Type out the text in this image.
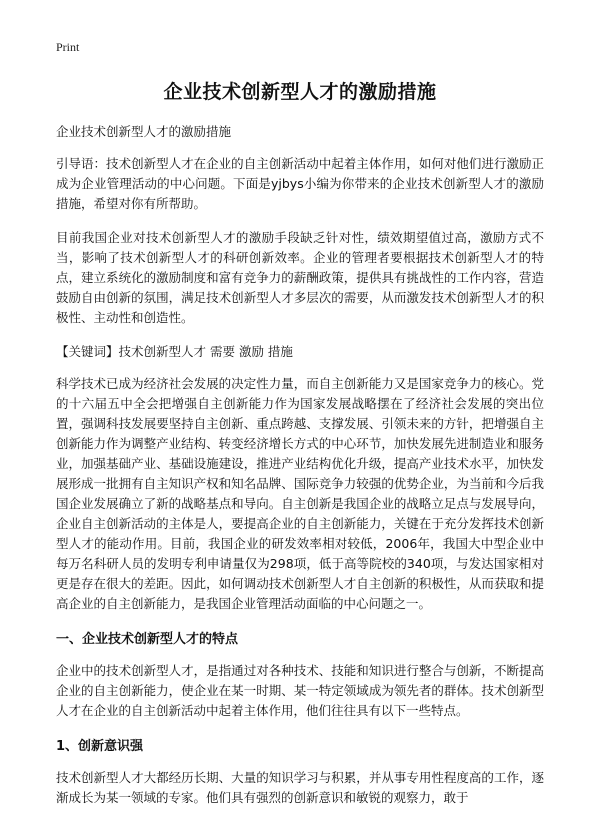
Print
企业技术创新型人才的激励措施
企业技术创新型人才的激励措施

引导语：技术创新型人才在企业的自主创新活动中起着主体作用，如何对他们进行激励正成为企业管理活动的中心问题。下面是yjbys小编为你带来的企业技术创新型人才的激励措施，希望对你有所帮助。

目前我国企业对技术创新型人才的激励手段缺乏针对性，绩效期望值过高，激励方式不当，影响了技术创新型人才的科研创新效率。企业的管理者要根据技术创新型人才的特点，建立系统化的激励制度和富有竞争力的薪酬政策，提供具有挑战性的工作内容，营造鼓励自由创新的氛围，满足技术创新型人才多层次的需要，从而激发技术创新型人才的积极性、主动性和创造性。

【关键词】技术创新型人才 需要 激励 措施

科学技术已成为经济社会发展的决定性力量，而自主创新能力又是国家竞争力的核心。党的十六届五中全会把增强自主创新能力作为国家发展战略摆在了经济社会发展的突出位置，强调科技发展要坚持自主创新、重点跨越、支撑发展、引领未来的方针，把增强自主创新能力作为调整产业结构、转变经济增长方式的中心环节，加快发展先进制造业和服务业，加强基础产业、基础设施建设，推进产业结构优化升级，提高产业技术水平，加快发展形成一批拥有自主知识产权和知名品牌、国际竞争力较强的优势企业，为当前和今后我国企业发展确立了新的战略基点和导向。自主创新是我国企业的战略立足点与发展导向，企业自主创新活动的主体是人，要提高企业的自主创新能力，关键在于充分发挥技术创新型人才的能动作用。目前，我国企业的研发效率相对较低，2006年，我国大中型企业中每万名科研人员的发明专利申请量仅为298项，低于高等院校的340项，与发达国家相对更是存在很大的差距。因此，如何调动技术创新型人才自主创新的积极性，从而获取和提高企业的自主创新能力，是我国企业管理活动面临的中心问题之一。

一、企业技术创新型人才的特点

企业中的技术创新型人才，是指通过对各种技术、技能和知识进行整合与创新，不断提高企业的自主创新能力，使企业在某一时期、某一特定领域成为领先者的群体。技术创新型人才在企业的自主创新活动中起着主体作用，他们往往具有以下一些特点。

1、创新意识强

技术创新型人才大都经历长期、大量的知识学习与积累，并从事专用性程度高的工作，逐渐成长为某一领域的专家。他们具有强烈的创新意识和敏锐的观察力，敢于
